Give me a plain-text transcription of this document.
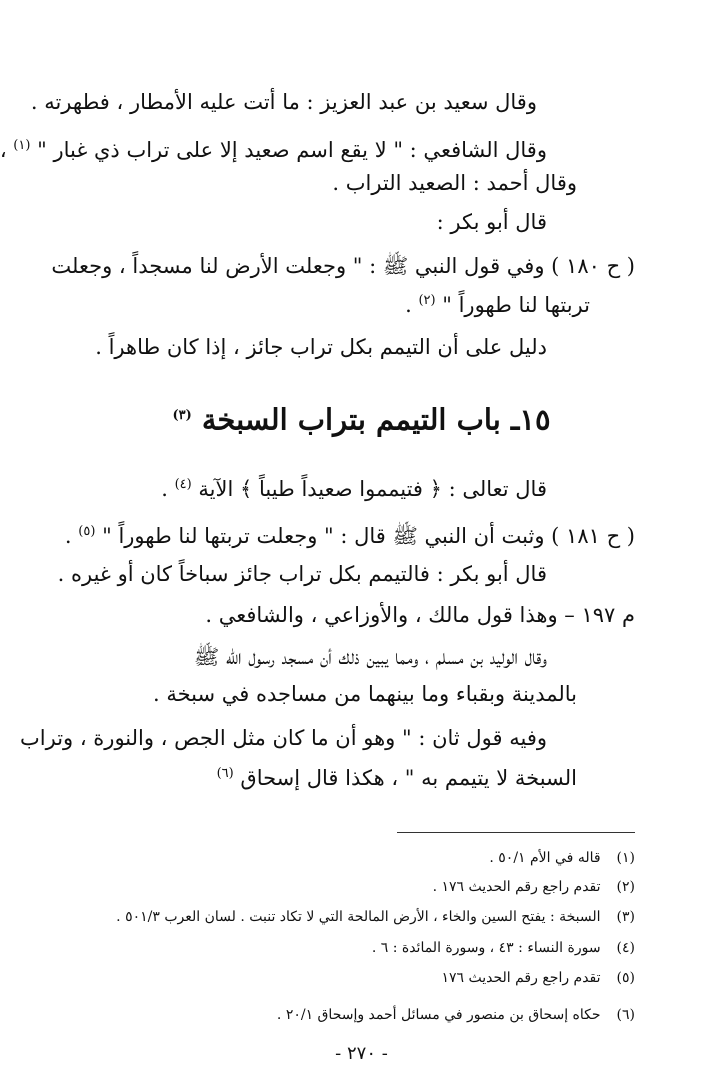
وقال سعيد بن عبد العزيز : ما أتت عليه الأمطار ، فطهرته .
وقال الشافعي : " لا يقع اسم صعيد إلا على تراب ذي غبار " $^{(١)}$ ،
وقال أحمد : الصعيد التراب .
قال أبو بكر :
( ح ١٨٠ ) وفي قول النبي ﷺ : " وجعلت الأرض لنا مسجداً ، وجعلت
تربتها لنا طهوراً " $^{(٢)}$ .
دليل على أن التيمم بكل تراب جائز ، إذا كان طاهراً .
١٥ـ باب التيمم بتراب السبخة $^{(٣)}$
قال تعالى : ﴿ فتيمموا صعيداً طيباً ﴾ الآية $^{(٤)}$ .
( ح ١٨١ ) وثبت أن النبي ﷺ قال : " وجعلت تربتها لنا طهوراً " $^{(٥)}$ .
قال أبو بكر : فالتيمم بكل تراب جائز سباخاً كان أو غيره .
م ١٩٧ – وهذا قول مالك ، والأوزاعي ، والشافعي .
وقال الوليد بن مسلم ، ومما يبين ذلك أن مسجد رسول الله ﷺ
بالمدينة وبقباء وما بينهما من مساجده في سبخة .
وفيه قول ثان : " وهو أن ما كان مثل الجص ، والنورة ، وتراب
السبخة لا يتيمم به " ، هكذا قال إسحاق $^{(٦)}$
(١) قاله في الأم ٥٠/١ .
(٢) تقدم راجع رقم الحديث ١٧٦ .
(٣) السبخة : يفتح السين والخاء ، الأرض المالحة التي لا تكاد تنبت . لسان العرب ٥٠١/٣ .
(٤) سورة النساء : ٤٣ ، وسورة المائدة : ٦ .
(٥) تقدم راجع رقم الحديث ١٧٦
(٦) حكاه إسحاق بن منصور في مسائل أحمد وإسحاق ٢٠/١ .
- ٢٧٠ -
